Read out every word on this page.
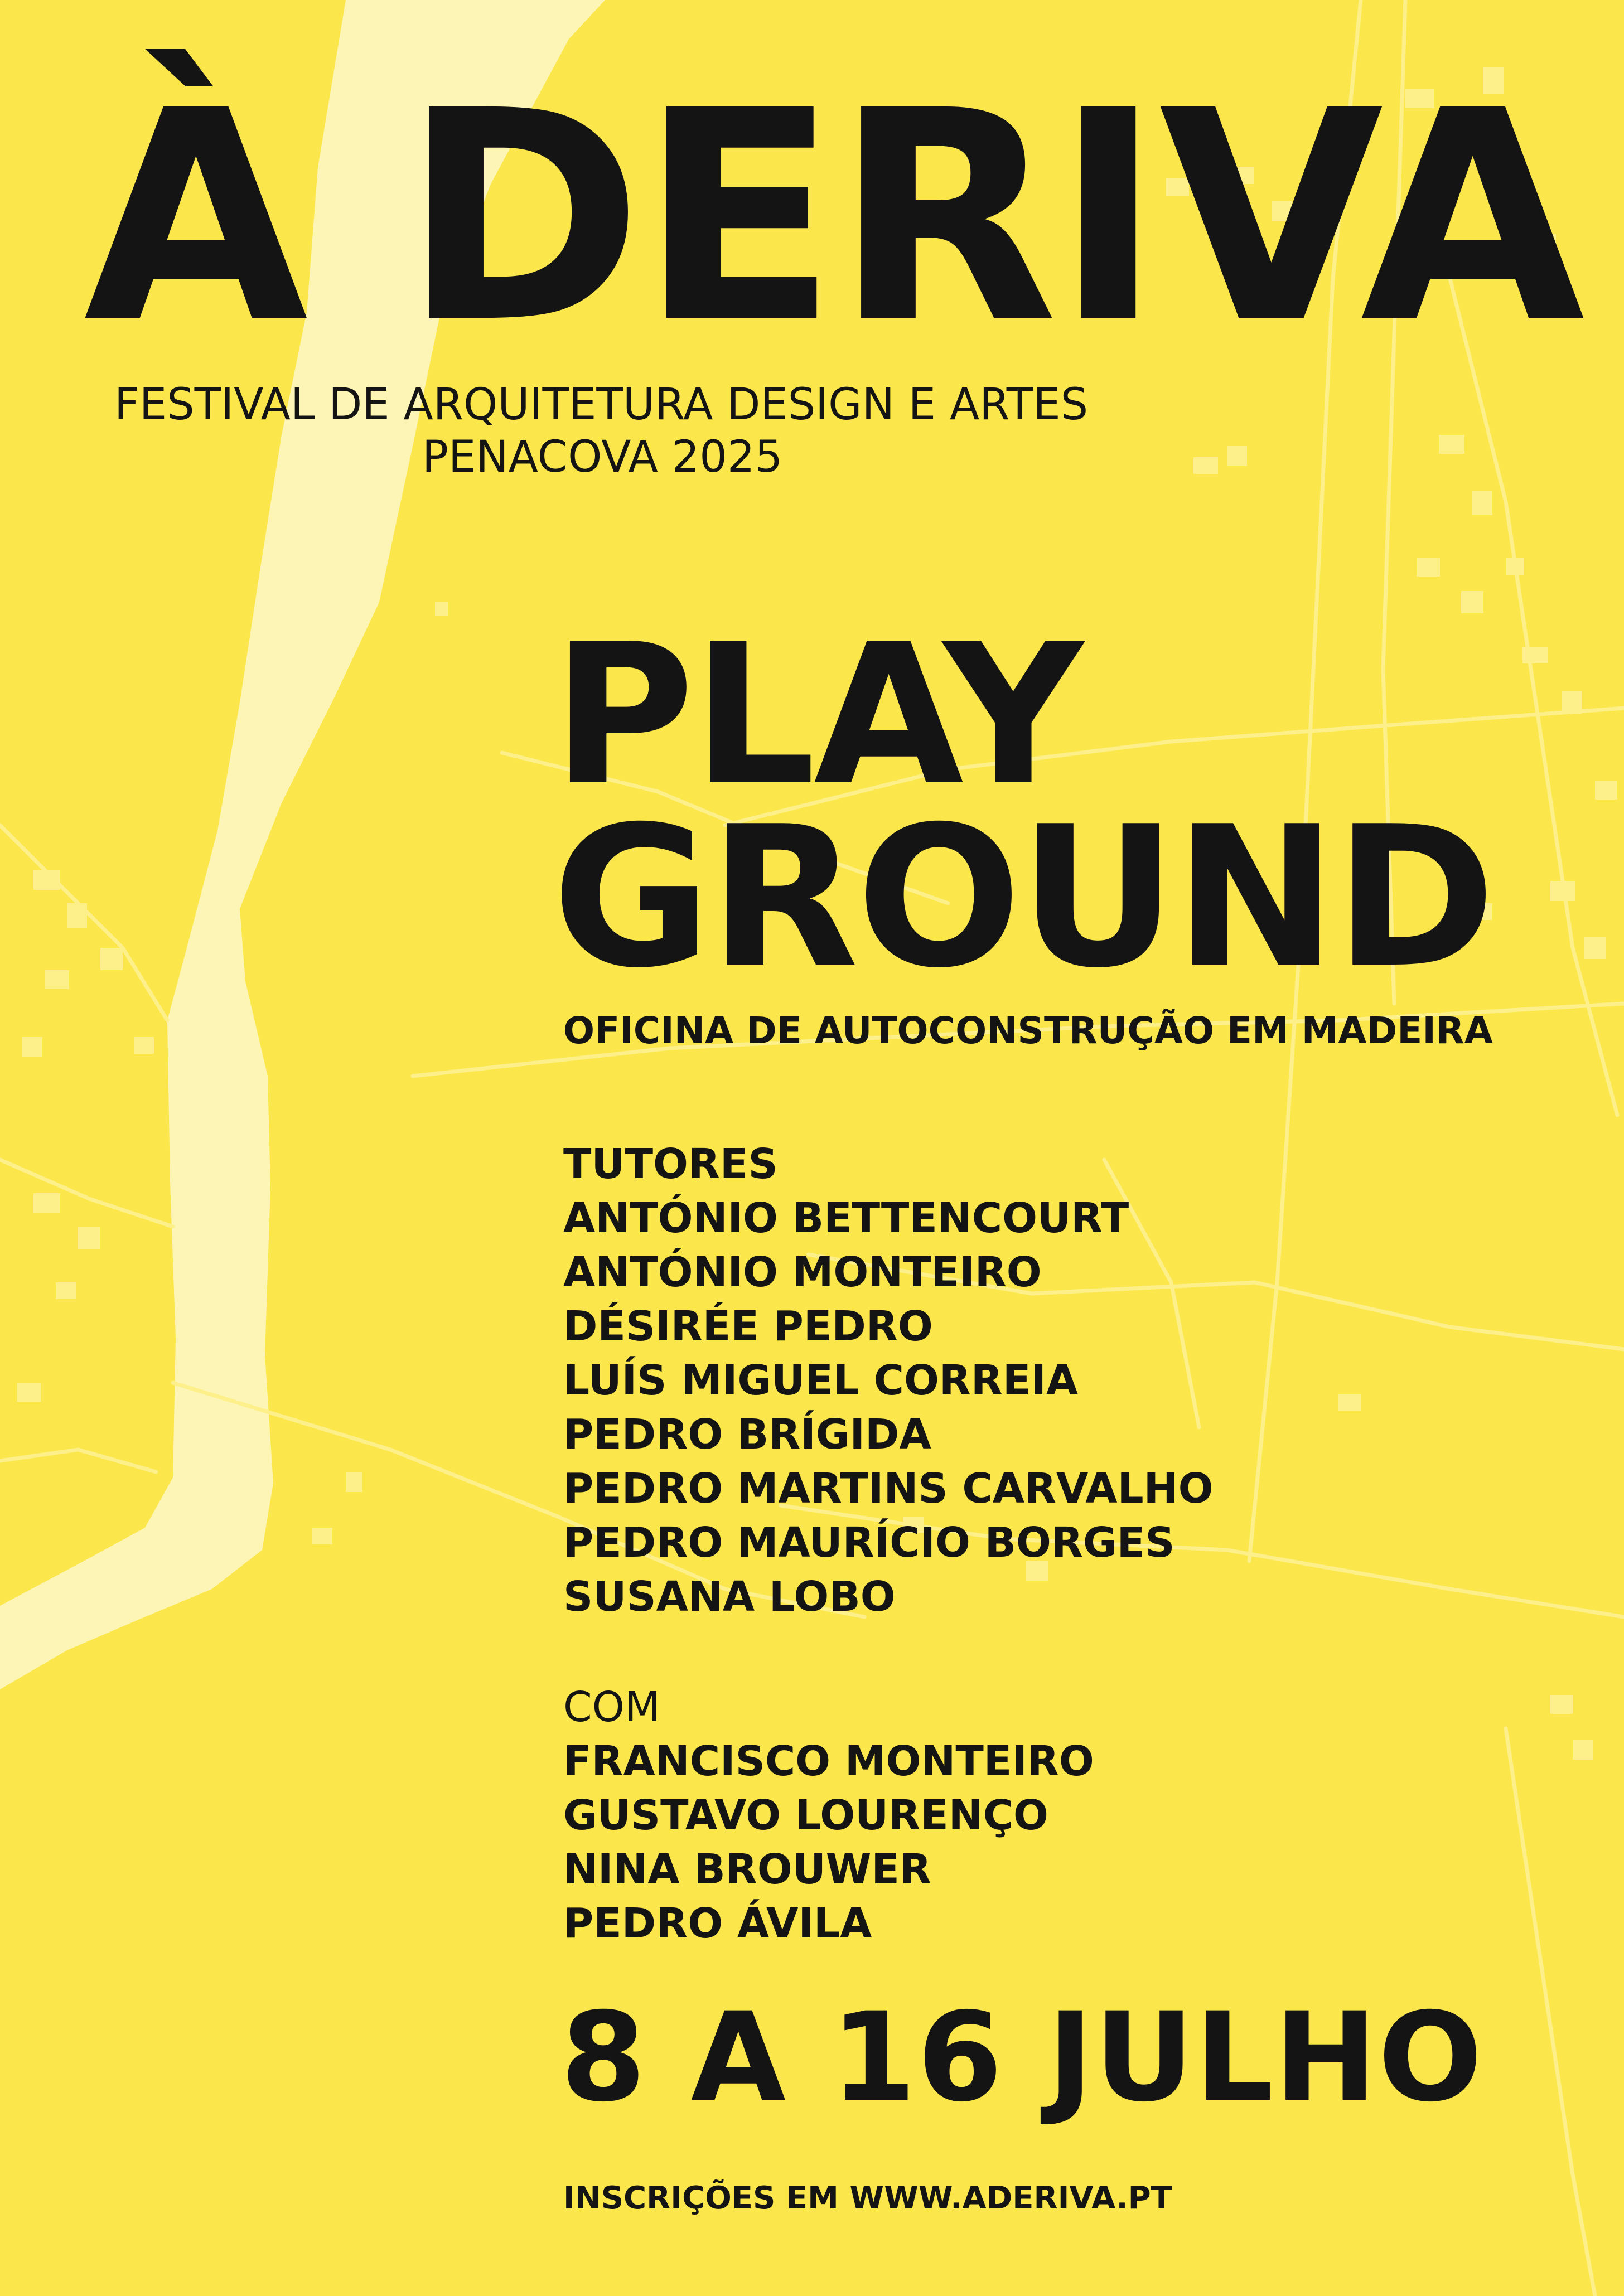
À DERIVA
FESTIVAL DE ARQUITETURA DESIGN E ARTES
PENACOVA 2025
PLAY
GROUND
OFICINA DE AUTOCONSTRUÇÃO EM MADEIRA
TUTORES
ANTÓNIO BETTENCOURT
ANTÓNIO MONTEIRO
DÉSIRÉE PEDRO
LUÍS MIGUEL CORREIA
PEDRO BRÍGIDA
PEDRO MARTINS CARVALHO
PEDRO MAURÍCIO BORGES
SUSANA LOBO
COM
FRANCISCO MONTEIRO
GUSTAVO LOURENÇO
NINA BROUWER
PEDRO ÁVILA
8 A 16 JULHO
INSCRIÇÕES EM WWW.ADERIVA.PT
